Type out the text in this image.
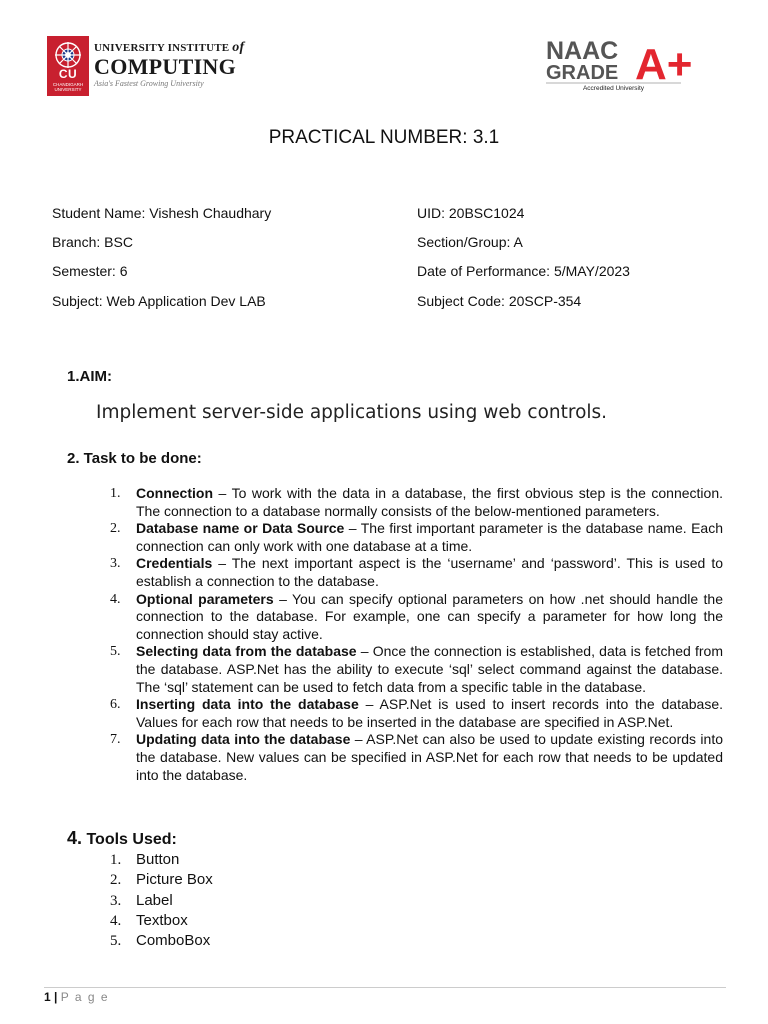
CU
CHANDIGARH UNIVERSITY
UNIVERSITY INSTITUTE of
COMPUTING
Asia's Fastest Growing University
NAAC
GRADE A+
Accredited University
PRACTICAL NUMBER: 3.1
Student Name: Vishesh Chaudhary	UID: 20BSC1024
Branch: BSC	Section/Group: A
Semester: 6	Date of Performance: 5/MAY/2023
Subject: Web Application Dev LAB	Subject Code: 20SCP-354
1.AIM:
Implement server-side applications using web controls.
2. Task to be done:
1. Connection – To work with the data in a database, the first obvious step is the connection. The connection to a database normally consists of the below-mentioned parameters.
2. Database name or Data Source – The first important parameter is the database name. Each connection can only work with one database at a time.
3. Credentials – The next important aspect is the ‘username’ and ‘password’. This is used to establish a connection to the database.
4. Optional parameters – You can specify optional parameters on how .net should handle the connection to the database. For example, one can specify a parameter for how long the connection should stay active.
5. Selecting data from the database – Once the connection is established, data is fetched from the database. ASP.Net has the ability to execute ‘sql’ select command against the database. The ‘sql’ statement can be used to fetch data from a specific table in the database.
6. Inserting data into the database – ASP.Net is used to insert records into the database. Values for each row that needs to be inserted in the database are specified in ASP.Net.
7. Updating data into the database – ASP.Net can also be used to update existing records into the database. New values can be specified in ASP.Net for each row that needs to be updated into the database.
4. Tools Used:
1. Button
2. Picture Box
3. Label
4. Textbox
5. ComboBox
1 | P a g e
